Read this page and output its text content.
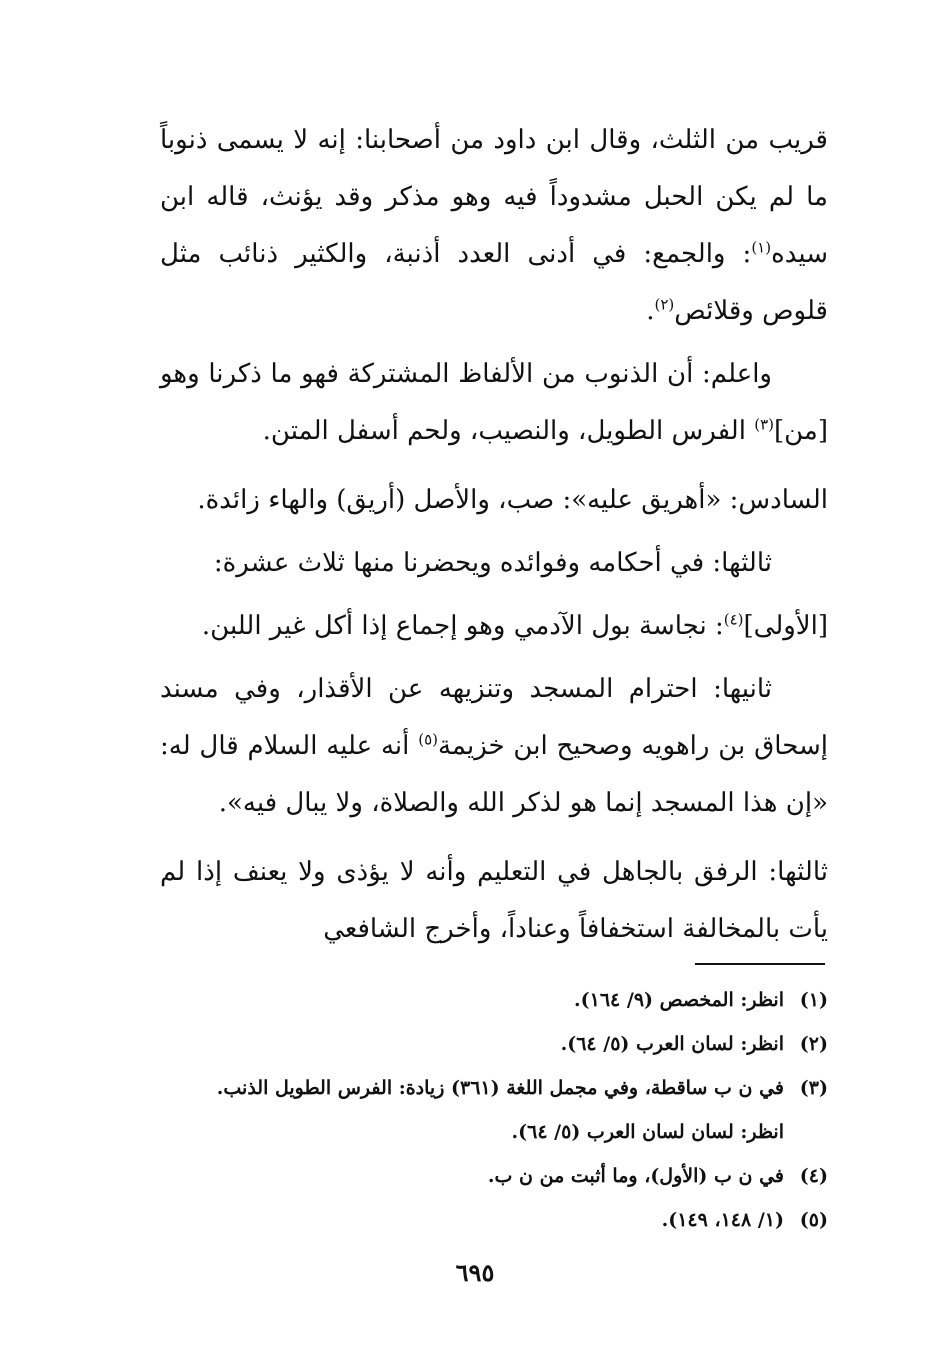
قريب من الثلث، وقال ابن داود من أصحابنا: إنه لا يسمى ذنوباً ما لم يكن الحبل مشدوداً فيه وهو مذكر وقد يؤنث، قاله ابن سيده$^{(١)}$: والجمع: في أدنى العدد أذنبة، والكثير ذنائب مثل قلوص وقلائص$^{(٢)}$.

واعلم: أن الذنوب من الألفاظ المشتركة فهو ما ذكرنا وهو [من]$^{(٣)}$ الفرس الطويل، والنصيب، ولحم أسفل المتن.

السادس: «أهريق عليه»: صب، والأصل (أريق) والهاء زائدة.

ثالثها: في أحكامه وفوائده ويحضرنا منها ثلاث عشرة:

[الأولى]$^{(٤)}$: نجاسة بول الآدمي وهو إجماع إذا أكل غير اللبن.

ثانيها: احترام المسجد وتنزيهه عن الأقذار، وفي مسند إسحاق بن راهويه وصحيح ابن خزيمة$^{(٥)}$ أنه عليه السلام قال له: «إن هذا المسجد إنما هو لذكر الله والصلاة، ولا يبال فيه».

ثالثها: الرفق بالجاهل في التعليم وأنه لا يؤذى ولا يعنف إذا لم يأت بالمخالفة استخفافاً وعناداً، وأخرج الشافعي

(١)
انظر: المخصص (٩/ ١٦٤).
(٢)
انظر: لسان العرب (٥/ ٦٤).
(٣)
في ن ب ساقطة، وفي مجمل اللغة (٣٦١) زيادة: الفرس الطويل الذنب.
انظر: لسان لسان العرب (٥/ ٦٤).
(٤)
في ن ب (الأول)، وما أثبت من ن ب.
(٥)
(١/ ١٤٨، ١٤٩).
٦٩٥
